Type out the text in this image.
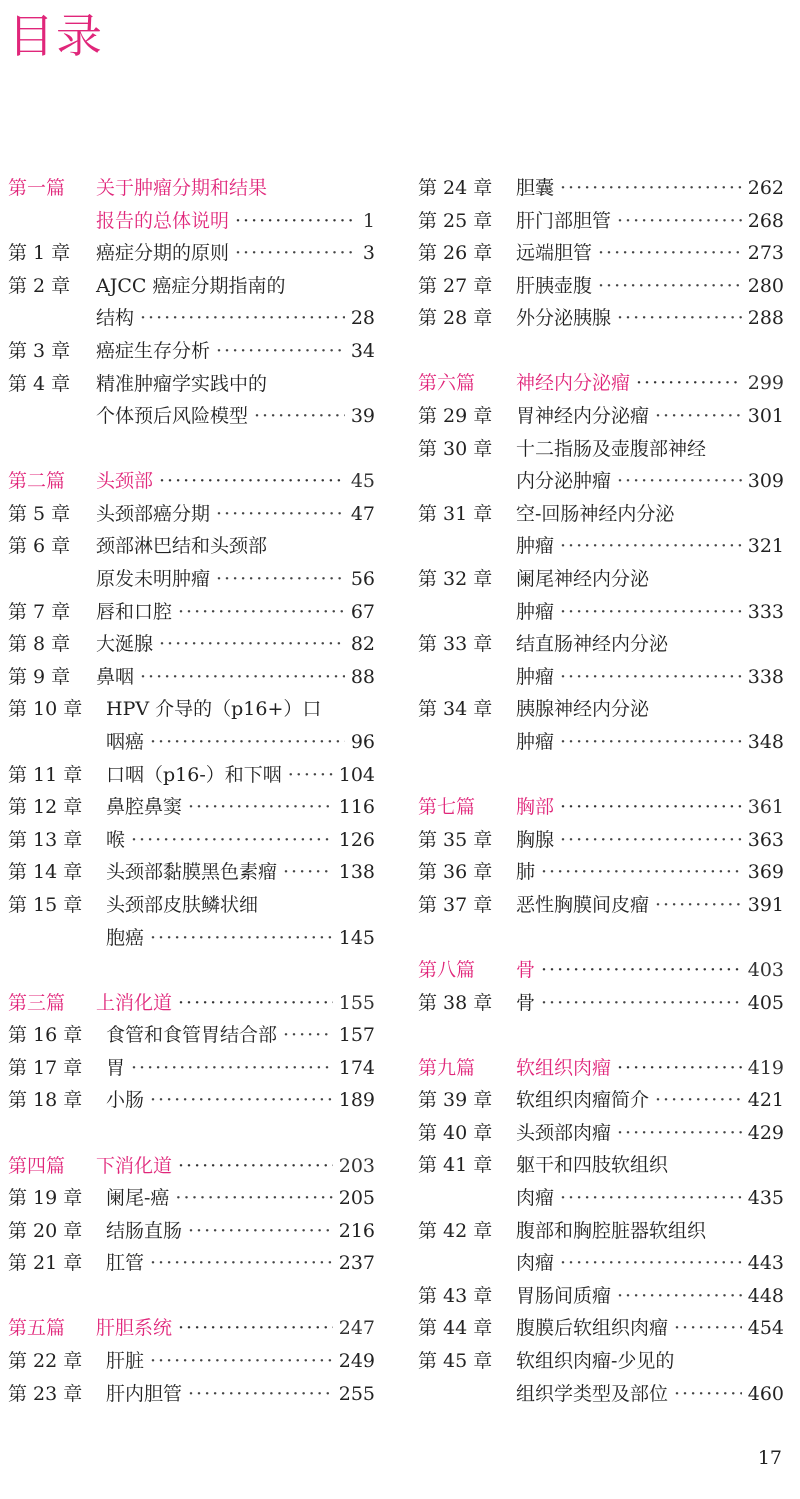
目录
第一篇 关于肿瘤分期和结果
报告的总体说明 ·····	1
第 1 章 癌症分期的原则 ·····	3
第 2 章 AJCC 癌症分期指南的
结构 ·····	28
第 3 章 癌症生存分析 ·····	34
第 4 章 精准肿瘤学实践中的
个体预后风险模型 ·····	39
第二篇 头颈部 ·····	45
第 5 章 头颈部癌分期 ·····	47
第 6 章 颈部淋巴结和头颈部
原发未明肿瘤 ·····	56
第 7 章 唇和口腔 ·····	67
第 8 章 大涎腺 ·····	82
第 9 章 鼻咽 ·····	88
第 10 章 HPV 介导的（p16+）口
咽癌 ·····	96
第 11 章 口咽（p16-）和下咽 ·····	104
第 12 章 鼻腔鼻窦 ·····	116
第 13 章 喉 ·····	126
第 14 章 头颈部黏膜黑色素瘤 ·····	138
第 15 章 头颈部皮肤鳞状细
胞癌 ·····	145
第三篇 上消化道 ·····	155
第 16 章 食管和食管胃结合部 ·····	157
第 17 章 胃 ·····	174
第 18 章 小肠 ·····	189
第四篇 下消化道 ·····	203
第 19 章 阑尾-癌 ·····	205
第 20 章 结肠直肠 ·····	216
第 21 章 肛管 ·····	237
第五篇 肝胆系统 ·····	247
第 22 章 肝脏 ·····	249
第 23 章 肝内胆管 ·····	255
第 24 章 胆囊 ·····	262
第 25 章 肝门部胆管 ·····	268
第 26 章 远端胆管 ·····	273
第 27 章 肝胰壶腹 ·····	280
第 28 章 外分泌胰腺 ·····	288
第六篇 神经内分泌瘤 ·····	299
第 29 章 胃神经内分泌瘤 ·····	301
第 30 章 十二指肠及壶腹部神经
内分泌肿瘤 ·····	309
第 31 章 空-回肠神经内分泌
肿瘤 ·····	321
第 32 章 阑尾神经内分泌
肿瘤 ·····	333
第 33 章 结直肠神经内分泌
肿瘤 ·····	338
第 34 章 胰腺神经内分泌
肿瘤 ·····	348
第七篇 胸部 ·····	361
第 35 章 胸腺 ·····	363
第 36 章 肺 ·····	369
第 37 章 恶性胸膜间皮瘤 ·····	391
第八篇 骨 ·····	403
第 38 章 骨 ·····	405
第九篇 软组织肉瘤 ·····	419
第 39 章 软组织肉瘤简介 ·····	421
第 40 章 头颈部肉瘤 ·····	429
第 41 章 躯干和四肢软组织
肉瘤 ·····	435
第 42 章 腹部和胸腔脏器软组织
肉瘤 ·····	443
第 43 章 胃肠间质瘤 ·····	448
第 44 章 腹膜后软组织肉瘤 ·····	454
第 45 章 软组织肉瘤-少见的
组织学类型及部位 ·····	460
17
